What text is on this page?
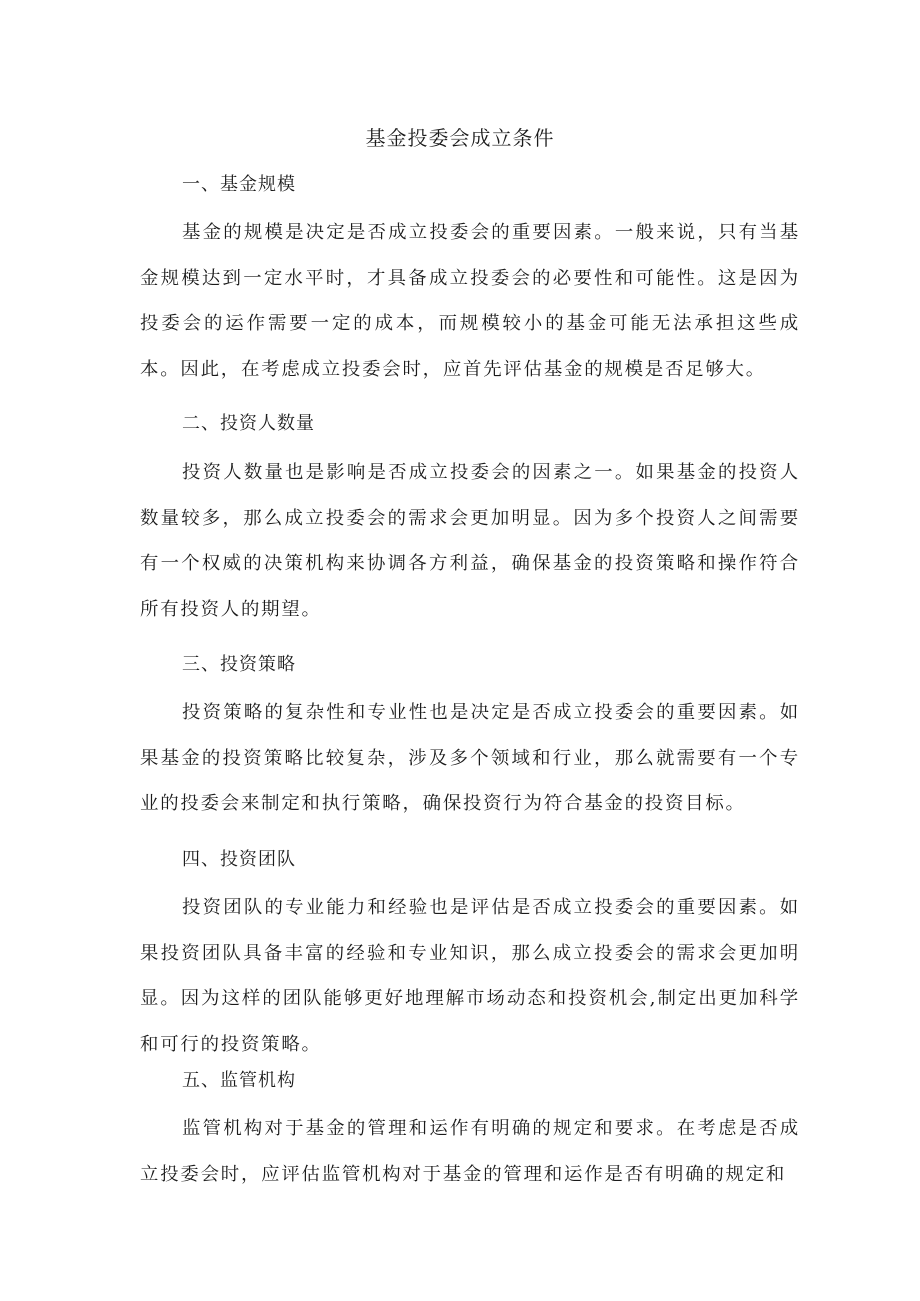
基金投委会成立条件
一、基金规模

基金的规模是决定是否成立投委会的重要因素。一般来说，只有当基金规模达到一定水平时，才具备成立投委会的必要性和可能性。这是因为投委会的运作需要一定的成本，而规模较小的基金可能无法承担这些成本。因此，在考虑成立投委会时，应首先评估基金的规模是否足够大。

二、投资人数量

投资人数量也是影响是否成立投委会的因素之一。如果基金的投资人数量较多，那么成立投委会的需求会更加明显。因为多个投资人之间需要有一个权威的决策机构来协调各方利益，确保基金的投资策略和操作符合所有投资人的期望。

三、投资策略

投资策略的复杂性和专业性也是决定是否成立投委会的重要因素。如果基金的投资策略比较复杂，涉及多个领域和行业，那么就需要有一个专业的投委会来制定和执行策略，确保投资行为符合基金的投资目标。

四、投资团队

投资团队的专业能力和经验也是评估是否成立投委会的重要因素。如果投资团队具备丰富的经验和专业知识，那么成立投委会的需求会更加明显。因为这样的团队能够更好地理解市场动态和投资机会,制定出更加科学和可行的投资策略。

五、监管机构

监管机构对于基金的管理和运作有明确的规定和要求。在考虑是否成立投委会时，应评估监管机构对于基金的管理和运作是否有明确的规定和
